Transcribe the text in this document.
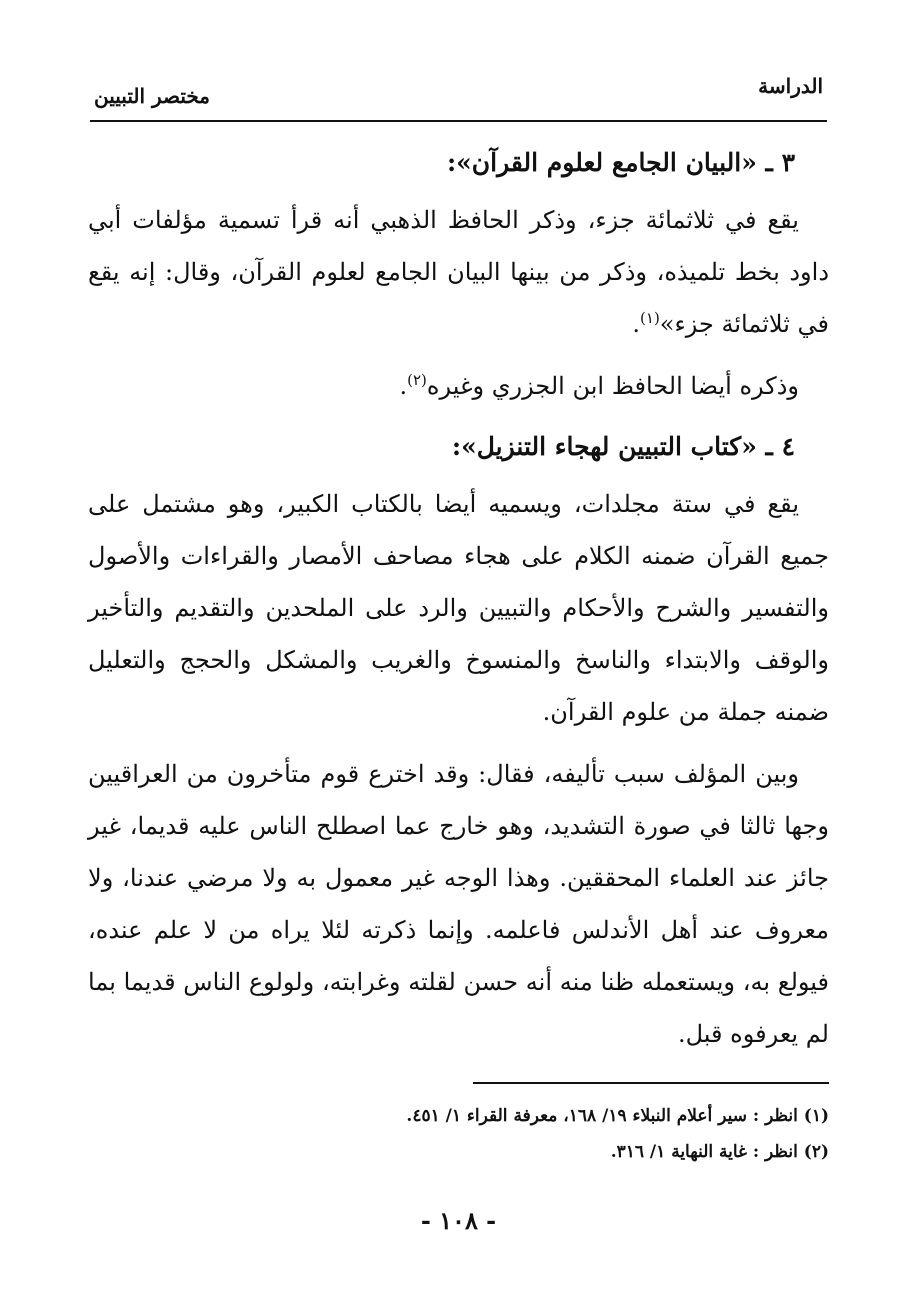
الدراسة
مختصر التبيين
٣ ـ «البيان الجامع لعلوم القرآن»:

يقع في ثلاثمائة جزء، وذكر الحافظ الذهبي أنه قرأ تسمية مؤلفات أبي داود بخط تلميذه، وذكر من بينها البيان الجامع لعلوم القرآن، وقال: إنه يقع في ثلاثمائة جزء»$^{(١)}$.

وذكره أيضا الحافظ ابن الجزري وغيره$^{(٢)}$.

٤ ـ «كتاب التبيين لهجاء التنزيل»:

يقع في ستة مجلدات، ويسميه أيضا بالكتاب الكبير، وهو مشتمل على جميع القرآن ضمنه الكلام على هجاء مصاحف الأمصار والقراءات والأصول والتفسير والشرح والأحكام والتبيين والرد على الملحدين والتقديم والتأخير والوقف والابتداء والناسخ والمنسوخ والغريب والمشكل والحجج والتعليل ضمنه جملة من علوم القرآن.

وبين المؤلف سبب تأليفه، فقال: وقد اخترع قوم متأخرون من العراقيين وجها ثالثا في صورة التشديد، وهو خارج عما اصطلح الناس عليه قديما، غير جائز عند العلماء المحققين. وهذا الوجه غير معمول به ولا مرضي عندنا، ولا معروف عند أهل الأندلس فاعلمه. وإنما ذكرته لئلا يراه من لا علم عنده، فيولع به، ويستعمله ظنا منه أنه حسن لقلته وغرابته، ولولوع الناس قديما بما لم يعرفوه قبل.

(١) انظر : سير أعلام النبلاء ١٩/ ١٦٨، معرفة القراء ١/ ٤٥١.
(٢) انظر : غاية النهاية ١/ ٣١٦.
- ١٠٨ -
